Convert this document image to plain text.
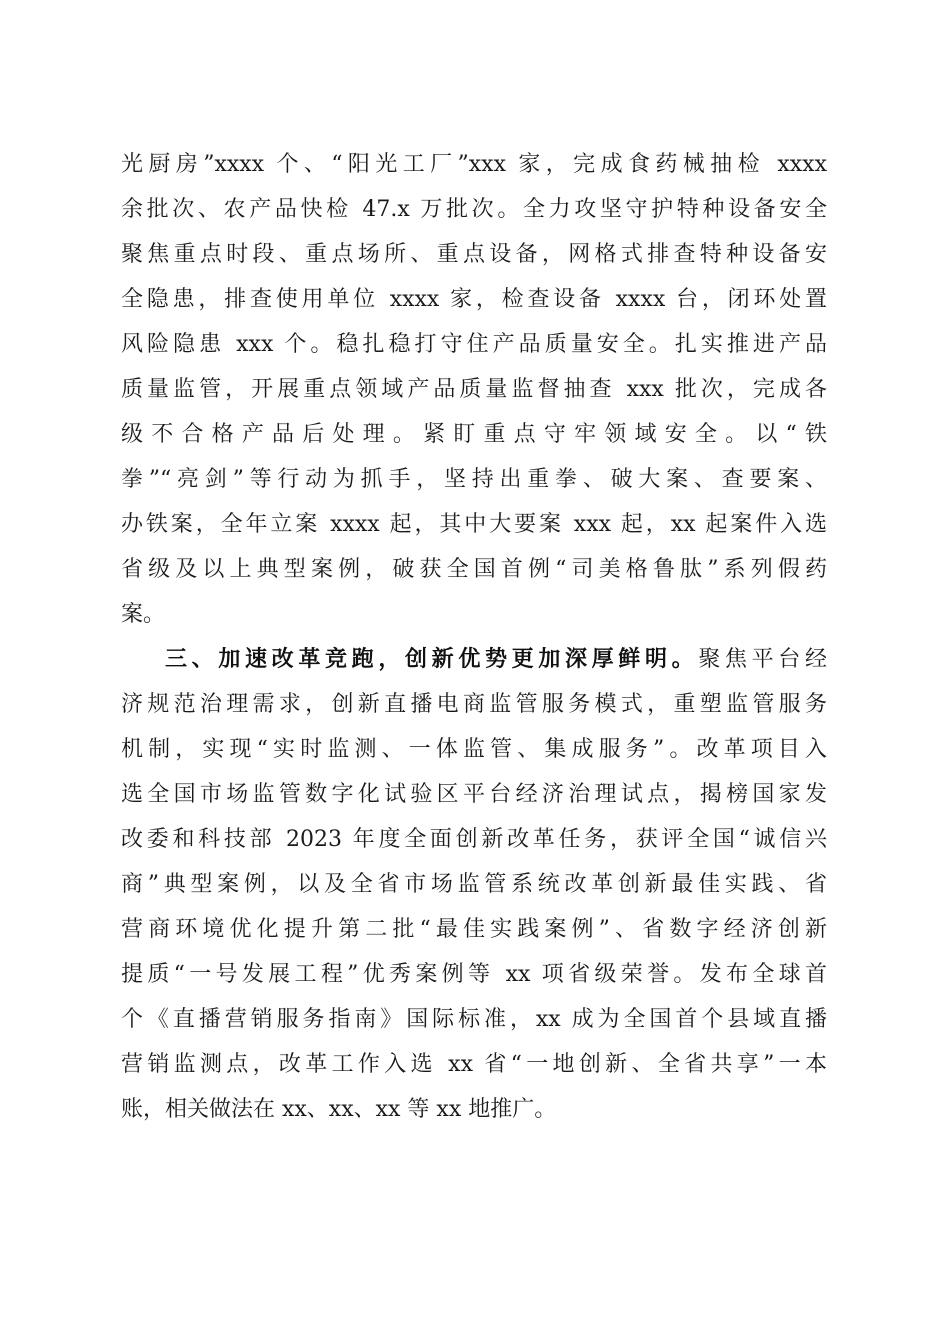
光厨房”xxxx 个、“阳光工厂”xxx 家，完成食药械抽检 xxxx
余批次、农产品快检 47.x 万批次。全力攻坚守护特种设备安全
聚焦重点时段、重点场所、重点设备，网格式排查特种设备安
全隐患，排查使用单位 xxxx 家，检查设备 xxxx 台，闭环处置
风险隐患 xxx 个。稳扎稳打守住产品质量安全。扎实推进产品
质量监管，开展重点领域产品质量监督抽查 xxx 批次，完成各
级不合格产品后处理。紧盯重点守牢领域安全。以“铁
拳”“亮剑”等行动为抓手，坚持出重拳、破大案、查要案、
办铁案，全年立案 xxxx 起，其中大要案 xxx 起，xx 起案件入选
省级及以上典型案例，破获全国首例“司美格鲁肽”系列假药
案。
三、加速改革竞跑，创新优势更加深厚鲜明。聚焦平台经
济规范治理需求，创新直播电商监管服务模式，重塑监管服务
机制，实现“实时监测、一体监管、集成服务”。改革项目入
选全国市场监管数字化试验区平台经济治理试点，揭榜国家发
改委和科技部 2023 年度全面创新改革任务，获评全国“诚信兴
商”典型案例，以及全省市场监管系统改革创新最佳实践、省
营商环境优化提升第二批“最佳实践案例”、省数字经济创新
提质“一号发展工程”优秀案例等 xx 项省级荣誉。发布全球首
个《直播营销服务指南》国际标准，xx 成为全国首个县域直播
营销监测点，改革工作入选 xx 省“一地创新、全省共享”一本
账，相关做法在 xx、xx、xx 等 xx 地推广。
